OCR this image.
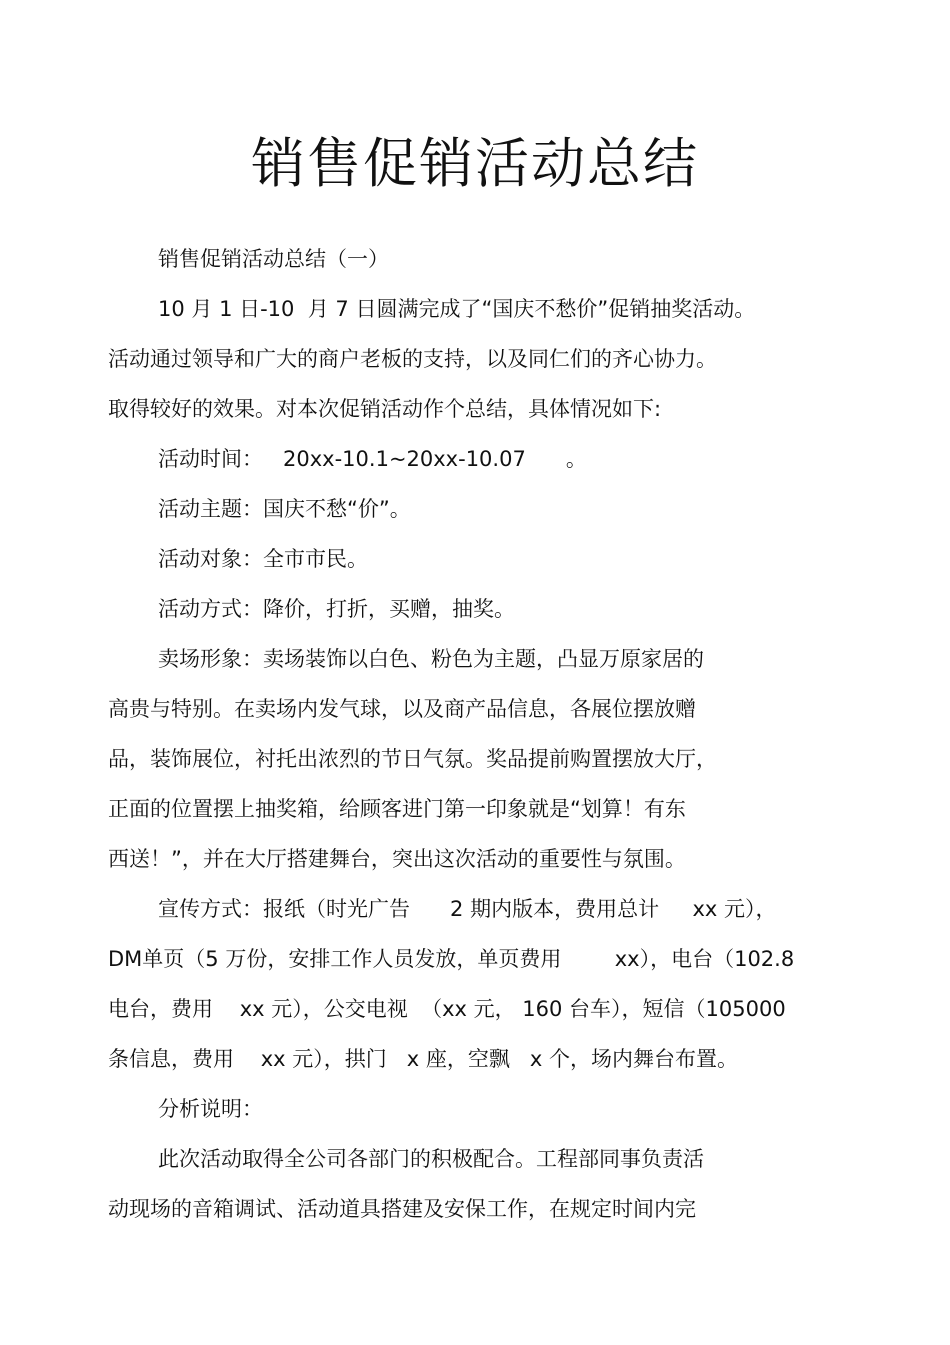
销售促销活动总结

销售促销活动总结（一）

10 月 1 日-10  月 7 日圆满完成了“国庆不愁价”促销抽奖活动。

活动通过领导和广大的商户老板的支持，以及同仁们的齐心协力。

取得较好的效果。对本次促销活动作个总结，具体情况如下:

活动时间：   20xx-10.1~20xx-10.07      。

活动主题：国庆不愁“价”。

活动对象：全市市民。

活动方式：降价，打折，买赠，抽奖。

卖场形象：卖场装饰以白色、粉色为主题，凸显万原家居的

高贵与特别。在卖场内发气球，以及商产品信息，各展位摆放赠

品，装饰展位，衬托出浓烈的节日气氛。奖品提前购置摆放大厅，

正面的位置摆上抽奖箱，给顾客进门第一印象就是“划算！有东

西送！”，并在大厅搭建舞台，突出这次活动的重要性与氛围。

宣传方式：报纸（时光广告      2 期内版本，费用总计     xx 元），

DM单页（5 万份，安排工作人员发放，单页费用        xx），电台（102.8

电台，费用    xx 元），公交电视  （xx 元， 160 台车），短信（105000

条信息，费用    xx 元），拱门   x 座，空飘   x 个，场内舞台布置。

分析说明：

此次活动取得全公司各部门的积极配合。工程部同事负责活

动现场的音箱调试、活动道具搭建及安保工作，在规定时间内完
